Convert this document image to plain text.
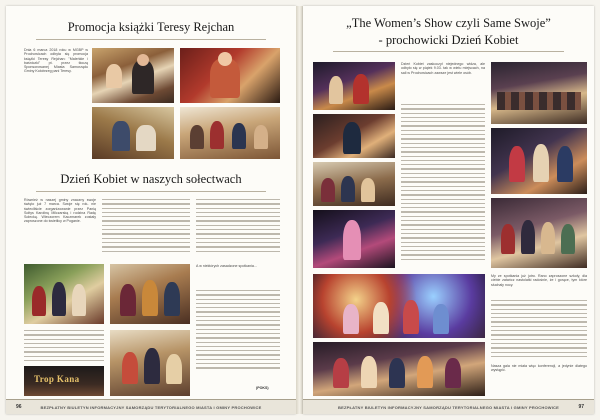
Promocja książki Teresy Rejchan
Dnia 6 marca 2018 roku w MGBP w Prochowicach odbyła się promocja książki Teresy Rejchan: "Maleńkie i baśniczki" pt. przez tłoczą Sponsorowanej Miasta Samorządu Gminy Kołobrzeg pani Teresy.
Dzień Kobiet w naszych sołectwach
Również w naszej gminy znaczny swoje święto już 7 marca. Swoje się rok- nie świeciliście zorganizowanie przez Panią Sołtys Karolinę Milczarską i rodzina Radę Sołecką. Wieczorem Kaczmarek zostały zaproszone do świetlicy w Poganie.
A w niektórych zasadzone spotkania...
Trop Kana
(POKS)
96	BEZPŁATNY BIULETYN INFORMACYJNY SAMORZĄDU TERYTORIALNEGO MIASTA I GMINY PROCHOWICE
„The Women’s Show czyli Same Swoje”
- prochowicki Dzień Kobiet
Dzień Kobiet zaskoczył niejednego widza, ale odbyło się w piątek 9.03. tak w wielu miejscach, na sali w Prochowicach zawsze jest wiele osób.
My ze spotkania już jutro. Rano zaproszone szkoły, dla ciebie zatańcz nastolatki radośnie, że i gorące, tym które słuchały nocy.
Nasza gala nie miała więc konferencji, a jedynie dlatego wystąpić.
BEZPŁATNY BIULETYN INFORMACYJNY SAMORZĄDU TERYTORIALNEGO MIASTA I GMINY PROCHOWICE	97
